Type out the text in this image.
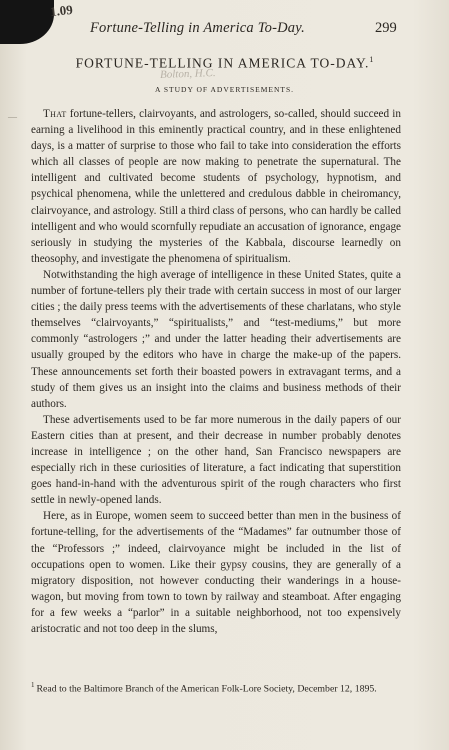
1.09
Fortune-Telling in America To-Day.	299
FORTUNE-TELLING IN AMERICA TO-DAY.$^1$
Bolton, H.C.
A STUDY OF ADVERTISEMENTS.
—	That fortune-tellers, clairvoyants, and astrologers, so-called, should succeed in earning a livelihood in this eminently practical country, and in these enlightened days, is a matter of surprise to those who fail to take into consideration the efforts which all classes of people are now making to penetrate the supernatural. The intelligent and cultivated become students of psychology, hypnotism, and psychical phenomena, while the unlettered and credulous dabble in cheiromancy, clairvoyance, and astrology. Still a third class of persons, who can hardly be called intelligent and who would scornfully repudiate an accusation of ignorance, engage seriously in studying the mysteries of the Kabbala, discourse learnedly on theosophy, and investigate the phenomena of spiritualism.

Notwithstanding the high average of intelligence in these United States, quite a number of fortune-tellers ply their trade with certain success in most of our larger cities ; the daily press teems with the advertisements of these charlatans, who style themselves “clairvoyants,” “spiritualists,” and “test-mediums,” but more commonly “astrologers ;” and under the latter heading their advertisements are usually grouped by the editors who have in charge the make-up of the papers. These announcements set forth their boasted powers in extravagant terms, and a study of them gives us an insight into the claims and business methods of their authors.

These advertisements used to be far more numerous in the daily papers of our Eastern cities than at present, and their decrease in number probably denotes increase in intelligence ; on the other hand, San Francisco newspapers are especially rich in these curiosities of literature, a fact indicating that superstition goes hand-in-hand with the adventurous spirit of the rough characters who first settle in newly-opened lands.

Here, as in Europe, women seem to succeed better than men in the business of fortune-telling, for the advertisements of the “Madames” far outnumber those of the “Professors ;” indeed, clairvoyance might be included in the list of occupations open to women. Like their gypsy cousins, they are generally of a migratory disposition, not however conducting their wanderings in a house-wagon, but moving from town to town by railway and steamboat. After engaging for a few weeks a “parlor” in a suitable neighborhood, not too expensively aristocratic and not too deep in the slums,

$^1$ Read to the Baltimore Branch of the American Folk-Lore Society, December 12, 1895.
